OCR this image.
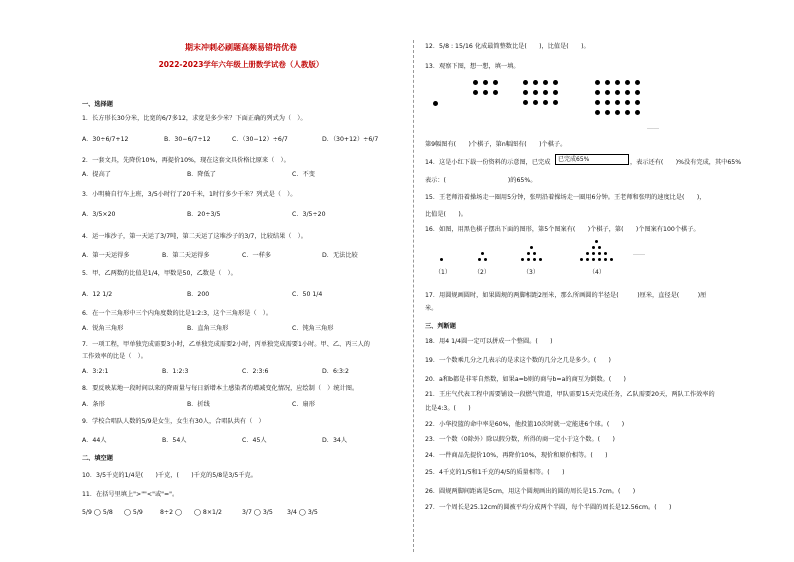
期末冲刺必刷题高频易错培优卷
2022-2023学年六年级上册数学试卷（人教版）
一、选择题
1．长方形长30分米，比宽的6/7多12，求宽是多少米？下面正确的列式为（　）。
A．30÷6/7+12	B．30−6/7÷12	C．（30−12）÷6/7	D．（30+12）÷6/7
2．一套文具，先降价10%，再提价10%，现在这套文具价格比原来（　）。
A．提高了	B．降低了	C．不变
3．小明骑自行车上班，3/5小时行了20千米，1时行多少千米？列式是（　）。
A．3/5×20	B．20÷3/5	C．3/5÷20
4．运一堆沙子，第一天运了3/7吨，第二天运了这堆沙子的3/7，比较结果（　）。
A．第一天运得多	B．第二天运得多	C．一样多	D．无法比较
5．甲、乙两数的比值是1/4，甲数是50，乙数是（　）。
A．12 1/2	B．200	C．50 1/4
6．在一个三角形中三个内角度数的比是1:2:3，这个三角形是（　）。
A．锐角三角形	B．直角三角形	C．钝角三角形
7．一项工程，甲单独完成需要3小时，乙单独完成需要2小时，丙单独完成需要1小时。甲、乙、丙三人的
工作效率的比是（　）。
A．3:2:1	B．1:2:3	C．2:3:6	D．6:3:2
8．要反映某地一段时间以来的降雨量与每日新增本土感染者的增减变化情况，应绘制（　）统计图。
A．条形	B．折线	C．扇形
9．学校合唱队人数的5/9是女生，女生有30人，合唱队共有（　）
A．44人	B．54人	C．45人	D．34人
二、填空题
10．3/5千克的1/4是(　　)千克，(　　)千克的5/8是3/5千克。
11．在括号里填上">""<"或"="。
5/9 ◯ 5/8 ◯ 5/9	8÷2 ◯ ◯ 8×1/2	3/7 ◯ 3/5 3/4 ◯ 3/5
12．5/8 : 15/16 化成最简整数比是(　　)，比值是(　　)。
13．观察下图，想一想，填一填。
……
第9幅图有(　　)个棋子，第n幅图有(　　)个棋子。
14．这是小红下载一份资料的示意图，已完成	，表示还有(　　)%没有完成，其中65%
已完成65%
表示：(　　　　　　　　　　)的65%。
15．王老师沿着操场走一圈用5分钟，张明沿着操场走一圈用6分钟。王老师和张明的速度比是(　　)，
比值是(　　)。
16．如图，用黑色棋子摆出下面的图形，第5个图案有(　　)个棋子，第(　　)个图案有100个棋子。
（1）	（2）	（3）	（4）
……
17．用圆规画圆时，如果圆规的两脚相距2厘米，那么所画圆的半径是(　　　)厘米，直径是(　　　)厘
米。
三、判断题
18．用4 1/4圆一定可以拼成一个整圆。(　　)
19．一个数乘几分之几表示的是求这个数的几分之几是多少。(　　)
20．a和b都是非零自然数，如果a=b则的商与b=a的商互为倒数。(　　)
21．王庄气代表工程中需要铺设一段燃气管道，甲队需要15天完成任务，乙队需要20天，两队工作效率的
比是4:3。(　　)
22．小华投篮的命中率是60%，他投篮10次时就一定能进6个球。(　　)
23．一个数（0除外）除以假分数，所得的商一定小于这个数。(　　)
24．一件商品先提价10%，再降价10%，现价和原价相等。(　　)
25．4千克的1/5和1千克的4/5的质量相等。(　　)
26．圆规两脚间距离是5cm，用这个圆规画出的圆的周长是15.7cm。(　　)
27．一个周长是25.12cm的圆被平均分成两个半圆，每个半圆的周长是12.56cm。(　　)
